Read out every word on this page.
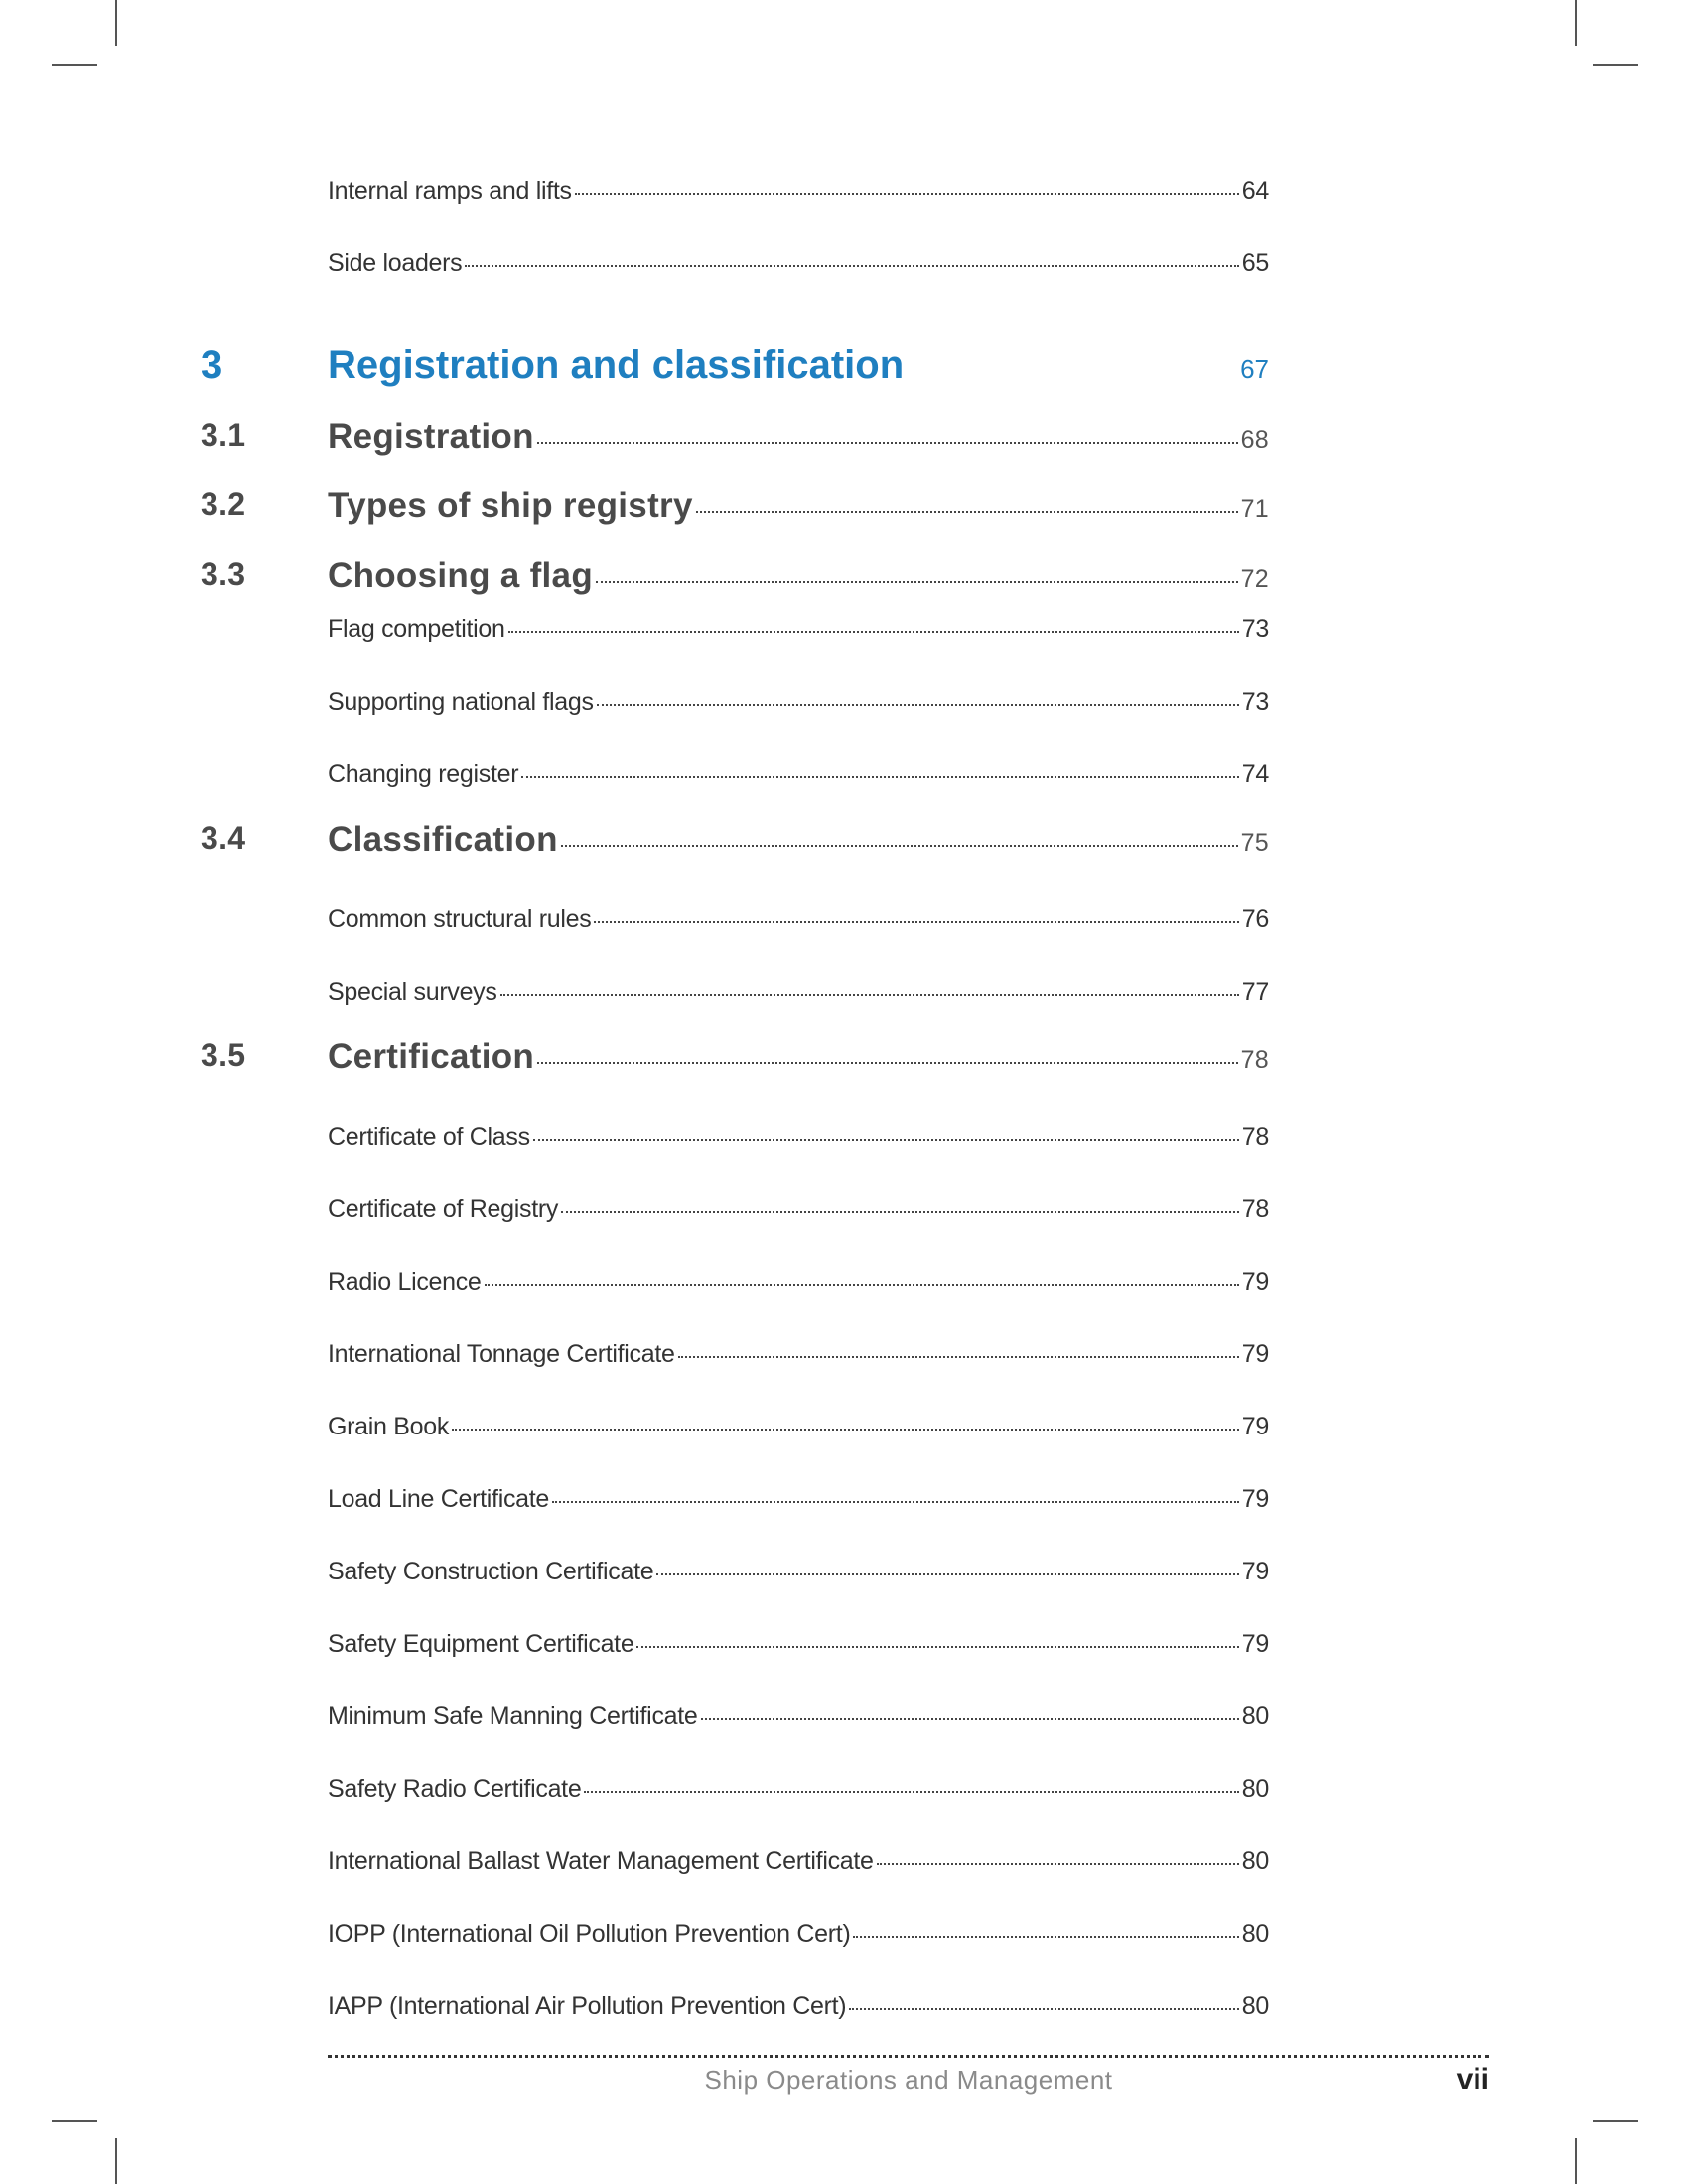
Internal ramps and lifts	64
Side loaders	65
3	Registration and classification	67
3.1 Registration	68
3.2 Types of ship registry	71
3.3 Choosing a flag	72
Flag competition	73
Supporting national flags	73
Changing register	74
3.4 Classification	75
Common structural rules	76
Special surveys	77
3.5 Certification	78
Certificate of Class	78
Certificate of Registry	78
Radio Licence	79
International Tonnage Certificate	79
Grain Book	79
Load Line Certificate	79
Safety Construction Certificate	79
Safety Equipment Certificate	79
Minimum Safe Manning Certificate	80
Safety Radio Certificate	80
International Ballast Water Management Certificate	80
IOPP (International Oil Pollution Prevention Cert)	80
IAPP (International Air Pollution Prevention Cert)	80
Ship Operations and Management	vii
